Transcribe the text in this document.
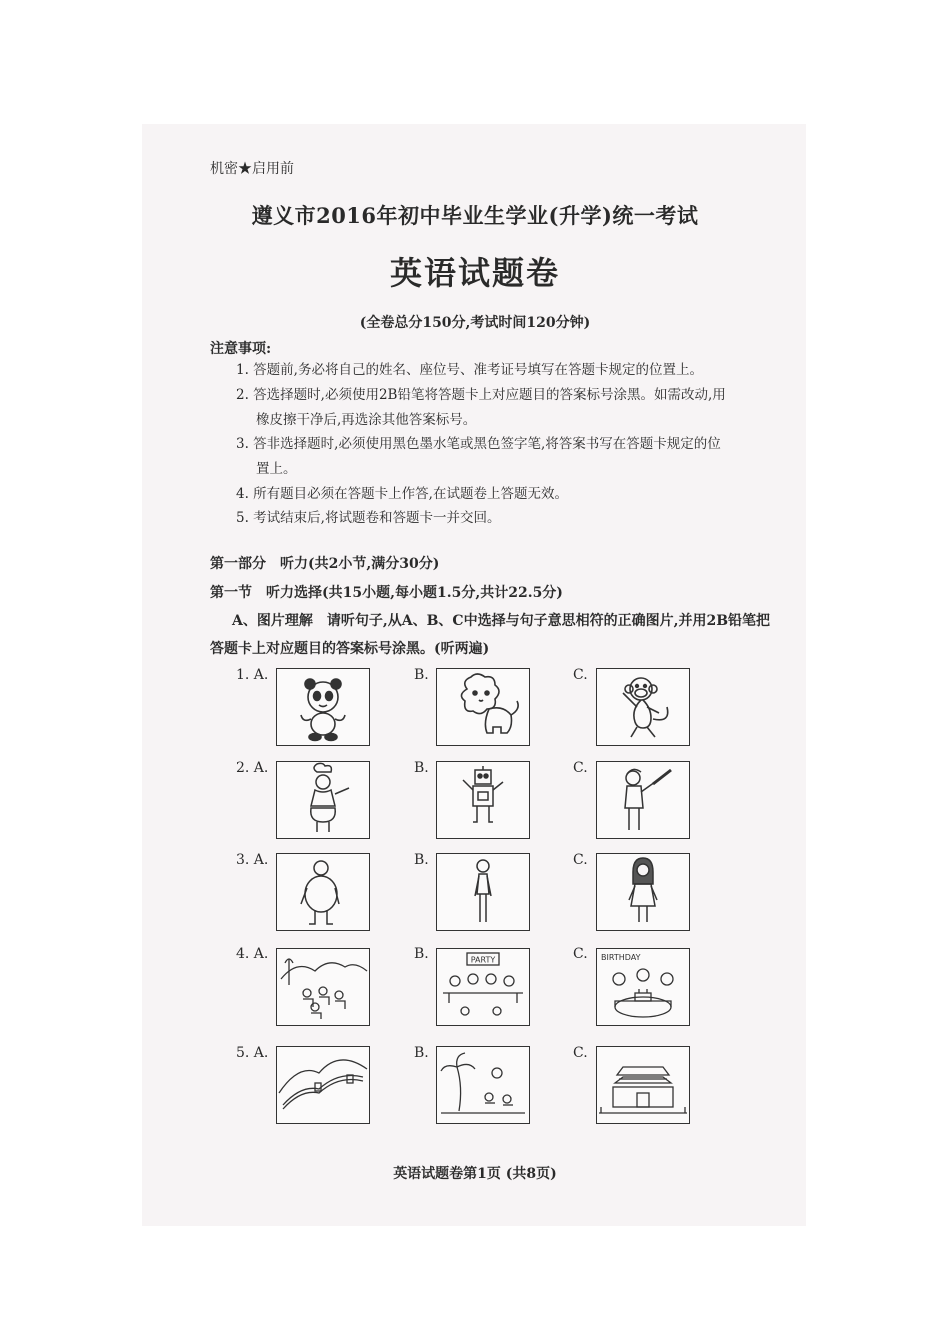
机密★启用前
遵义市2016年初中毕业生学业(升学)统一考试
英语试题卷
(全卷总分150分,考试时间120分钟)
注意事项:
1. 答题前,务必将自己的姓名、座位号、准考证号填写在答题卡规定的位置上。
2. 答选择题时,必须使用2B铅笔将答题卡上对应题目的答案标号涂黑。如需改动,用
橡皮擦干净后,再选涂其他答案标号。
3. 答非选择题时,必须使用黑色墨水笔或黑色签字笔,将答案书写在答题卡规定的位
置上。
4. 所有题目必须在答题卡上作答,在试题卷上答题无效。
5. 考试结束后,将试题卷和答题卡一并交回。
第一部分　听力(共2小节,满分30分)
第一节　听力选择(共15小题,每小题1.5分,共计22.5分)
A、图片理解　请听句子,从A、B、C中选择与句子意思相符的正确图片,并用2B铅笔把
答题卡上对应题目的答案标号涂黑。(听两遍)
1. A.	B.	C.
2. A.	B.	C.
3. A.	B.	C.
4. A.	B.	C.
PARTY	BIRTHDAY
5. A.	B.	C.
英语试题卷第1页 (共8页)
